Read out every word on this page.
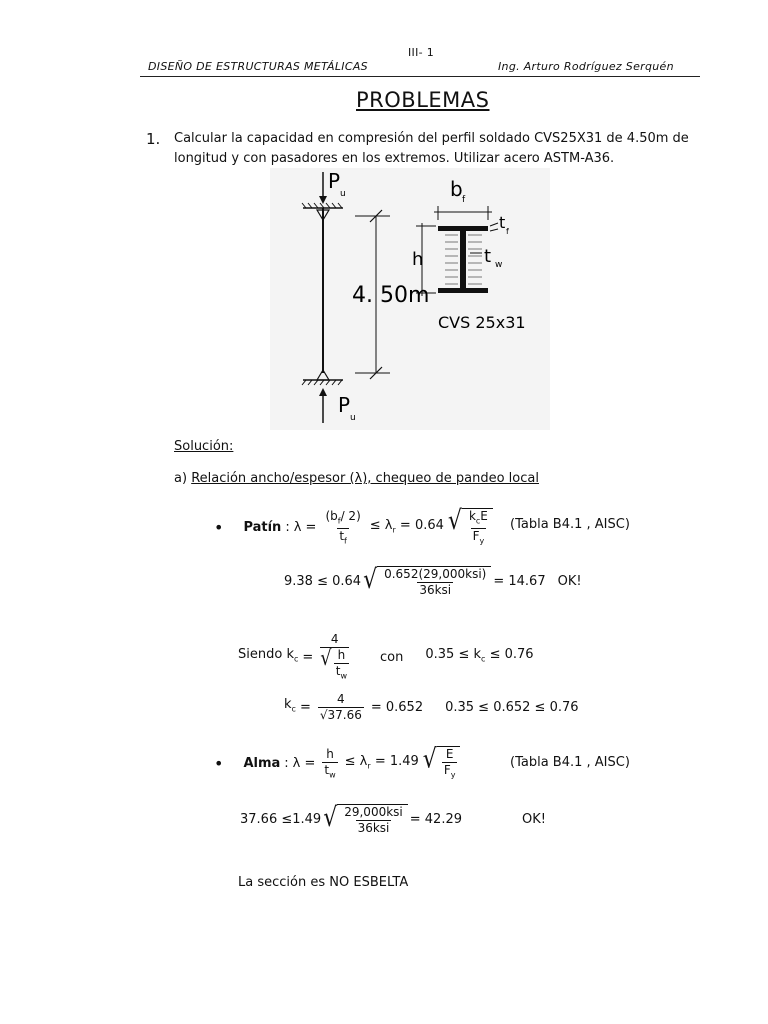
III- 1
DISEÑO DE ESTRUCTURAS METÁLICAS	Ing. Arturo Rodríguez Serquén
PROBLEMAS
1. Calcular la capacidad en compresión del perfil soldado CVS25X31 de 4.50m de
longitud y con pasadores en los extremos. Utilizar acero ASTM-A36.
P
u
P
u
4. 50m
b f
t f
t w
h
CVS 25x31
Solución:
a) Relación ancho/espesor (λ), chequeo de pandeo local
• Patín : $\lambda = \frac{(b_f/ 2)}{t_f} \le \lambda_r = 0.64$ √ $\frac{k_cE}{F_y}$ (Tabla B4.1 , AISC)
9.38 ≤ 0.64 √ $\frac{\text{0.652(29,000ksi)}}{\text{36ksi}} = 14.67$ OK!
Siendo $k_c = \frac{4}{√ \frac{h}{t_w}}$ con $0.35 \le k_c \le 0.76$
$k_c = \frac{4}{√37.66} = 0.652$ 0.35 ≤ 0.652 ≤ 0.76
• Alma : $\lambda = \frac{h}{t_w} \le \lambda_r = 1.49$ √ $\frac{E}{F_y}$	(Tabla B4.1 , AISC)
37.66 ≤1.49 √ $\frac{\text{29,000ksi}}{\text{36ksi}} = 42.29$	OK!
La sección es NO ESBELTA
